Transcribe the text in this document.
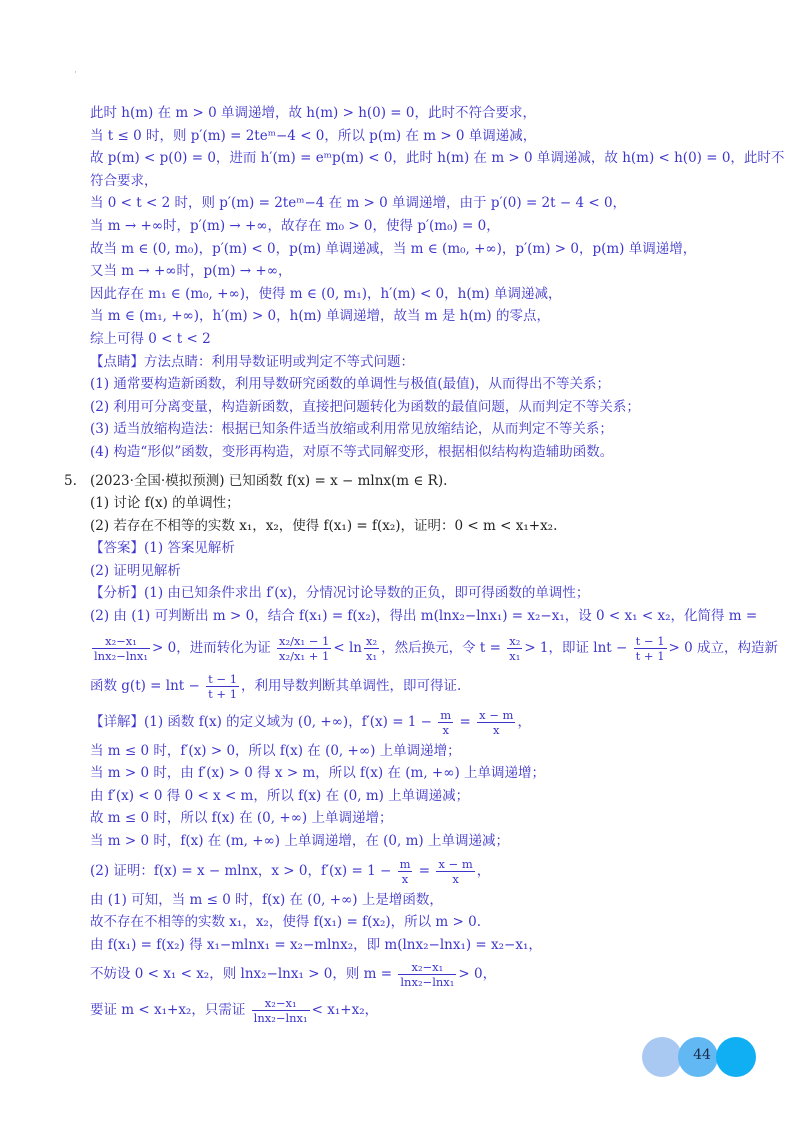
·
此时 h(m) 在 m > 0 单调递增，故 h(m) > h(0) = 0，此时不符合要求，
当 t ≤ 0 时，则 p′(m) = 2teᵐ−4 < 0，所以 p(m) 在 m > 0 单调递减，
故 p(m) < p(0) = 0，进而 h′(m) = eᵐp(m) < 0，此时 h(m) 在 m > 0 单调递减，故 h(m) < h(0) = 0，此时不
符合要求，
当 0 < t < 2 时，则 p′(m) = 2teᵐ−4 在 m > 0 单调递增，由于 p′(0) = 2t − 4 < 0，
当 m → +∞时，p′(m) → +∞，故存在 m₀ > 0，使得 p′(m₀) = 0，
故当 m ∈ (0, m₀)，p′(m) < 0，p(m) 单调递减，当 m ∈ (m₀, +∞)，p′(m) > 0，p(m) 单调递增，
又当 m → +∞时，p(m) → +∞，
因此存在 m₁ ∈ (m₀, +∞)，使得 m ∈ (0, m₁)，h′(m) < 0，h(m) 单调递减，
当 m ∈ (m₁, +∞)，h′(m) > 0，h(m) 单调递增，故当 m 是 h(m) 的零点，
综上可得 0 < t < 2
【点睛】方法点睛：利用导数证明或判定不等式问题：
(1) 通常要构造新函数，利用导数研究函数的单调性与极值(最值)，从而得出不等关系；
(2) 利用可分离变量，构造新函数，直接把问题转化为函数的最值问题，从而判定不等关系；
(3) 适当放缩构造法：根据已知条件适当放缩或利用常见放缩结论，从而判定不等关系；
(4) 构造“形似”函数，变形再构造，对原不等式同解变形，根据相似结构构造辅助函数。
5. (2023·全国·模拟预测) 已知函数 f(x) = x − mlnx(m ∈ R).
(1) 讨论 f(x) 的单调性；
(2) 若存在不相等的实数 x₁，x₂，使得 f(x₁) = f(x₂)，证明：0 < m < x₁+x₂.
【答案】(1) 答案见解析
(2) 证明见解析
【分析】(1) 由已知条件求出 f′(x)，分情况讨论导数的正负，即可得函数的单调性；
(2) 由 (1) 可判断出 m > 0，结合 f(x₁) = f(x₂)，得出 m(lnx₂−lnx₁) = x₂−x₁，设 0 < x₁ < x₂，化简得 m =
$\frac{\text{x₂−x₁}}{\text{lnx₂−lnx₁}} > 0$，进而转化为证 $\frac{\text{x₂/x₁ − 1}}{\text{x₂/x₁ + 1}} < \ln \frac{\text{x₂}}{\text{x₁}}$ ，然后换元，令 $t = \frac{\text{x₂}}{\text{x₁}} > 1$，即证 $\ln t - \frac{t - 1}{t + 1} > 0$ 成立，构造新
函数 $g(t) = \ln t - \frac{t - 1}{t + 1}$ ，利用导数判断其单调性，即可得证.
【详解】(1) 函数 f(x) 的定义域为 (0, +∞)，$f'(x) = 1 - \frac{m}{x} = \frac{x - m}{x}$ ，
当 m ≤ 0 时，f′(x) > 0，所以 f(x) 在 (0, +∞) 上单调递增；
当 m > 0 时，由 f′(x) > 0 得 x > m，所以 f(x) 在 (m, +∞) 上单调递增；
由 f′(x) < 0 得 0 < x < m，所以 f(x) 在 (0, m) 上单调递减；
故 m ≤ 0 时，所以 f(x) 在 (0, +∞) 上单调递增；
当 m > 0 时，f(x) 在 (m, +∞) 上单调递增，在 (0, m) 上单调递减；
(2) 证明：f(x) = x − mlnx，x > 0，$f'(x) = 1 - \frac{m}{x} = \frac{x - m}{x}$ ，
由 (1) 可知，当 m ≤ 0 时，f(x) 在 (0, +∞) 上是增函数，
故不存在不相等的实数 x₁，x₂，使得 f(x₁) = f(x₂)，所以 m > 0.
由 f(x₁) = f(x₂) 得 x₁−mlnx₁ = x₂−mlnx₂，即 m(lnx₂−lnx₁) = x₂−x₁，
不妨设 0 < x₁ < x₂，则 lnx₂−lnx₁ > 0，则 $m = \frac{\text{x₂−x₁}}{\text{lnx₂−lnx₁}} > 0$，
要证 m < x₁+x₂，只需证 $\frac{\text{x₂−x₁}}{\text{lnx₂−lnx₁}} < x_1+x_2$，
44
